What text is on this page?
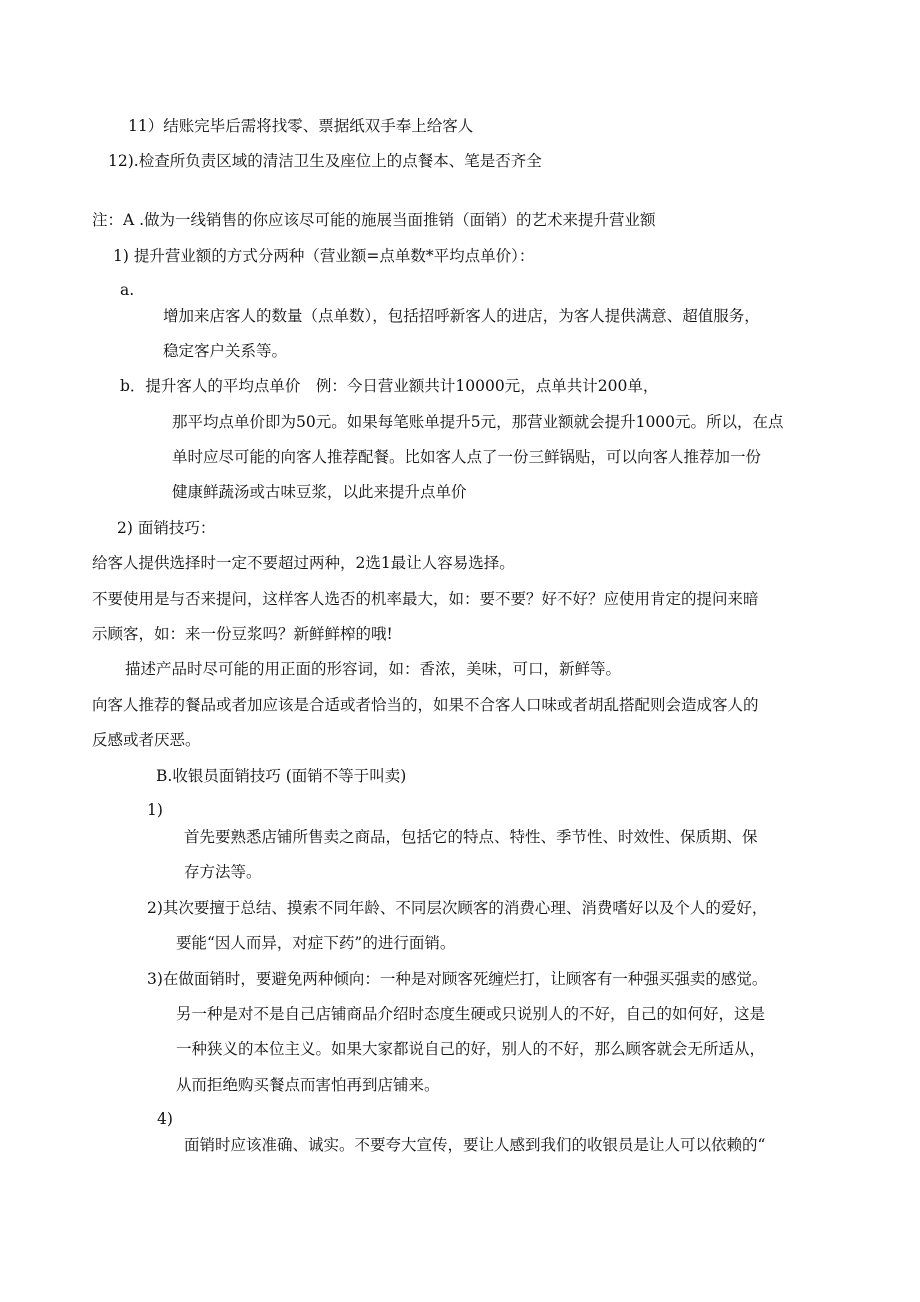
11）结账完毕后需将找零、票据纸双手奉上给客人
12).检查所负责区域的清洁卫生及座位上的点餐本、笔是否齐全
注：A .做为一线销售的你应该尽可能的施展当面推销（面销）的艺术来提升营业额
1) 提升营业额的方式分两种（营业额=点单数*平均点单价）：
a.
增加来店客人的数量（点单数），包括招呼新客人的进店，为客人提供满意、超值服务，
稳定客户关系等。
b．提升客人的平均点单价　例：今日营业额共计10000元，点单共计200单，
那平均点单价即为50元。如果每笔账单提升5元，那营业额就会提升1000元。所以，在点
单时应尽可能的向客人推荐配餐。比如客人点了一份三鲜锅贴，可以向客人推荐加一份
健康鲜蔬汤或古味豆浆，以此来提升点单价
2) 面销技巧：
给客人提供选择时一定不要超过两种，2选1最让人容易选择。
不要使用是与否来提问，这样客人选否的机率最大，如：要不要？好不好？应使用肯定的提问来暗
示顾客，如：来一份豆浆吗？新鲜鲜榨的哦!
描述产品时尽可能的用正面的形容词，如：香浓，美味，可口，新鲜等。
向客人推荐的餐品或者加应该是合适或者恰当的，如果不合客人口味或者胡乱搭配则会造成客人的
反感或者厌恶。
B.收银员面销技巧 (面销不等于叫卖)
1)
首先要熟悉店铺所售卖之商品，包括它的特点、特性、季节性、时效性、保质期、保
存方法等。
2)其次要擅于总结、摸索不同年龄、不同层次顾客的消费心理、消费嗜好以及个人的爱好，
要能“因人而异，对症下药”的进行面销。
3)在做面销时，要避免两种倾向：一种是对顾客死缠烂打，让顾客有一种强买强卖的感觉。
另一种是对不是自己店铺商品介绍时态度生硬或只说别人的不好，自己的如何好，这是
一种狭义的本位主义。如果大家都说自己的好，别人的不好，那么顾客就会无所适从，
从而拒绝购买餐点而害怕再到店铺来。
4)
面销时应该准确、诚实。不要夸大宣传，要让人感到我们的收银员是让人可以依赖的“
